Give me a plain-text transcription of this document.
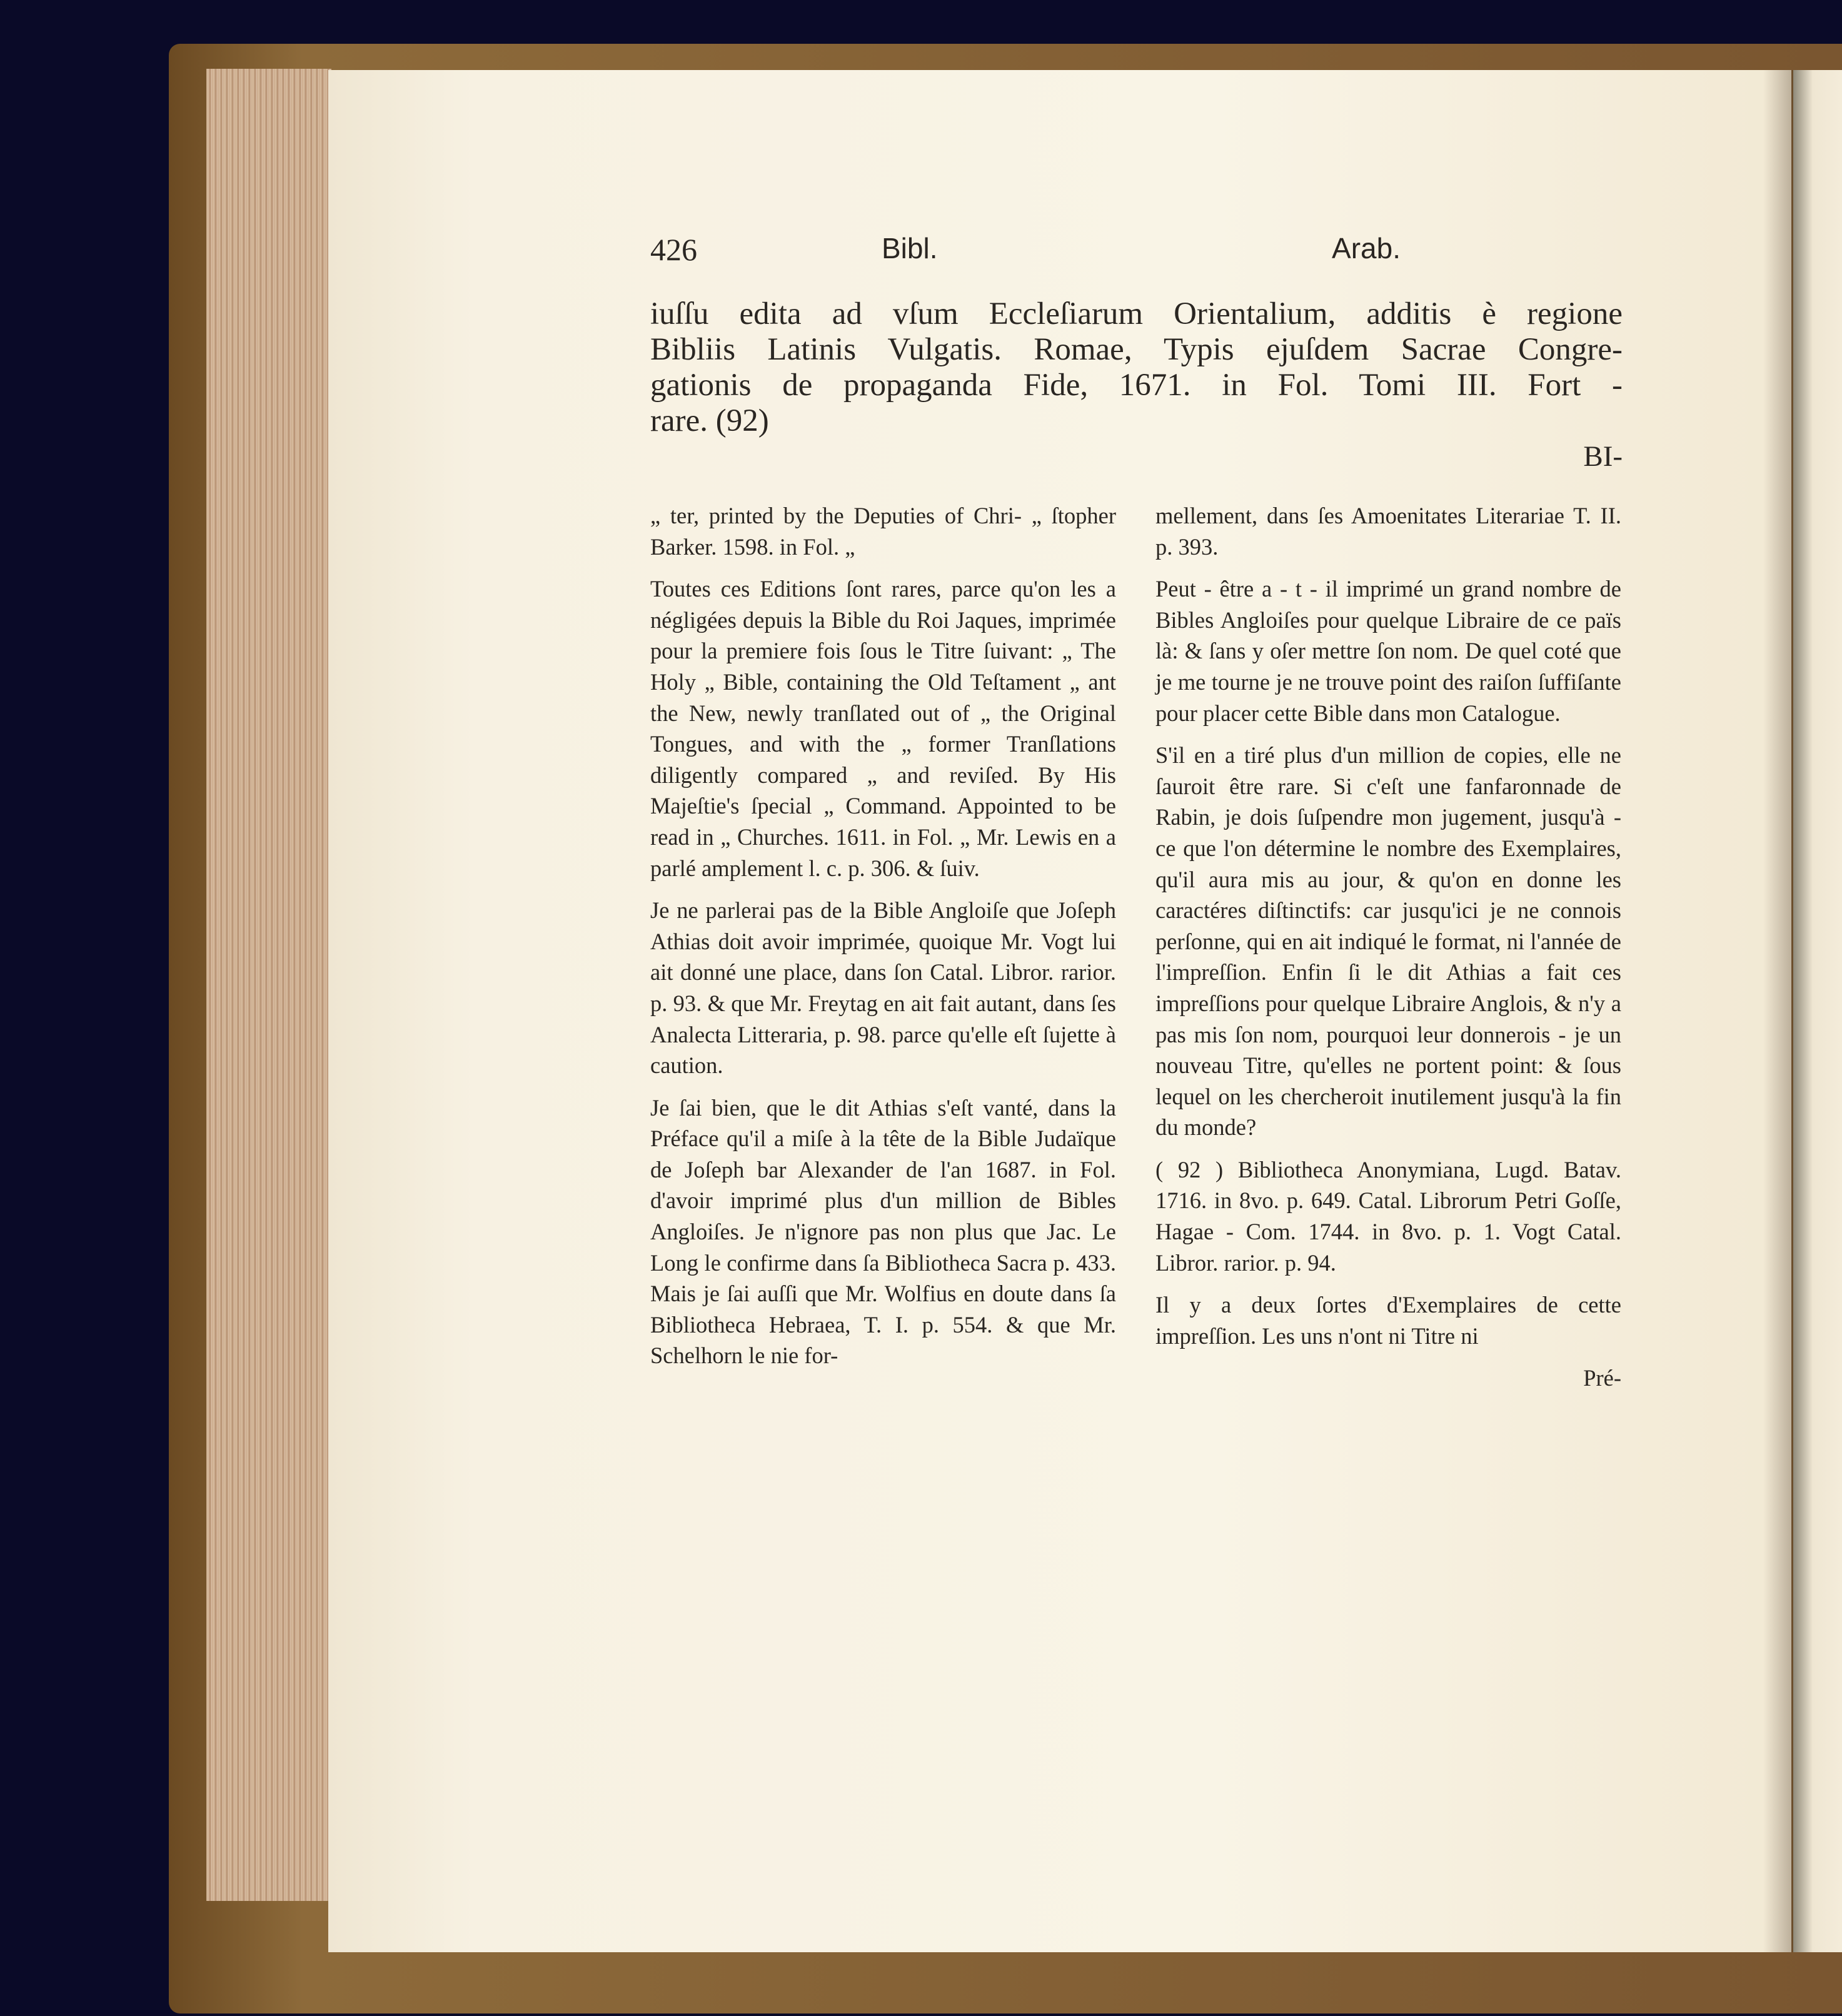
426	Bibl.	Arab.
iuſſu edita ad vſum Eccleſiarum Orientalium, additis è regione
Bibliis Latinis Vulgatis. Romae, Typis ejuſdem Sacrae Congre-
gationis de propaganda Fide, 1671. in Fol. Tomi III. Fort -
rare. (92)
BI-

„ ter, printed by the Deputies of Chri- „ ſtopher Barker. 1598. in Fol. „

Toutes ces Editions ſont rares, parce qu'on les a négligées depuis la Bible du Roi Jaques, imprimée pour la premiere fois ſous le Titre ſuivant: „ The Holy „ Bible, containing the Old Teſtament „ ant the New, newly tranſlated out of „ the Original Tongues, and with the „ former Tranſlations diligently compared „ and reviſed. By His Majeſtie's ſpecial „ Command. Appointed to be read in „ Churches. 1611. in Fol. „ Mr. Lewis en a parlé amplement l. c. p. 306. & ſuiv.

Je ne parlerai pas de la Bible Angloiſe que Joſeph Athias doit avoir imprimée, quoique Mr. Vogt lui ait donné une place, dans ſon Catal. Libror. rarior. p. 93. & que Mr. Freytag en ait fait autant, dans ſes Analecta Litteraria, p. 98. parce qu'elle eſt ſujette à caution.

Je ſai bien, que le dit Athias s'eſt vanté, dans la Préface qu'il a miſe à la tête de la Bible Judaïque de Joſeph bar Alexander de l'an 1687. in Fol. d'avoir imprimé plus d'un million de Bibles Angloiſes. Je n'ignore pas non plus que Jac. Le Long le confirme dans ſa Bibliotheca Sacra p. 433. Mais je ſai auſſi que Mr. Wolfius en doute dans ſa Bibliotheca Hebraea, T. I. p. 554. & que Mr. Schelhorn le nie for-

mellement, dans ſes Amoenitates Literariae T. II. p. 393.

Peut - être a - t - il imprimé un grand nombre de Bibles Angloiſes pour quelque Libraire de ce païs là: & ſans y oſer mettre ſon nom. De quel coté que je me tourne je ne trouve point des raiſon ſuffiſante pour placer cette Bible dans mon Catalogue.

S'il en a tiré plus d'un million de copies, elle ne ſauroit être rare. Si c'eſt une fanfaronnade de Rabin, je dois ſuſpendre mon jugement, jusqu'à - ce que l'on détermine le nombre des Exemplaires, qu'il aura mis au jour, & qu'on en donne les caractéres diſtinctifs: car jusqu'ici je ne connois perſonne, qui en ait indiqué le format, ni l'année de l'impreſſion. Enfin ſi le dit Athias a fait ces impreſſions pour quelque Libraire Anglois, & n'y a pas mis ſon nom, pourquoi leur donnerois - je un nouveau Titre, qu'elles ne portent point: & ſous lequel on les chercheroit inutilement jusqu'à la fin du monde?

( 92 ) Bibliotheca Anonymiana, Lugd. Batav. 1716. in 8vo. p. 649. Catal. Librorum Petri Goſſe, Hagae - Com. 1744. in 8vo. p. 1. Vogt Catal. Libror. rarior. p. 94.

Il y a deux ſortes d'Exemplaires de cette impreſſion. Les uns n'ont ni Titre ni

Pré-
